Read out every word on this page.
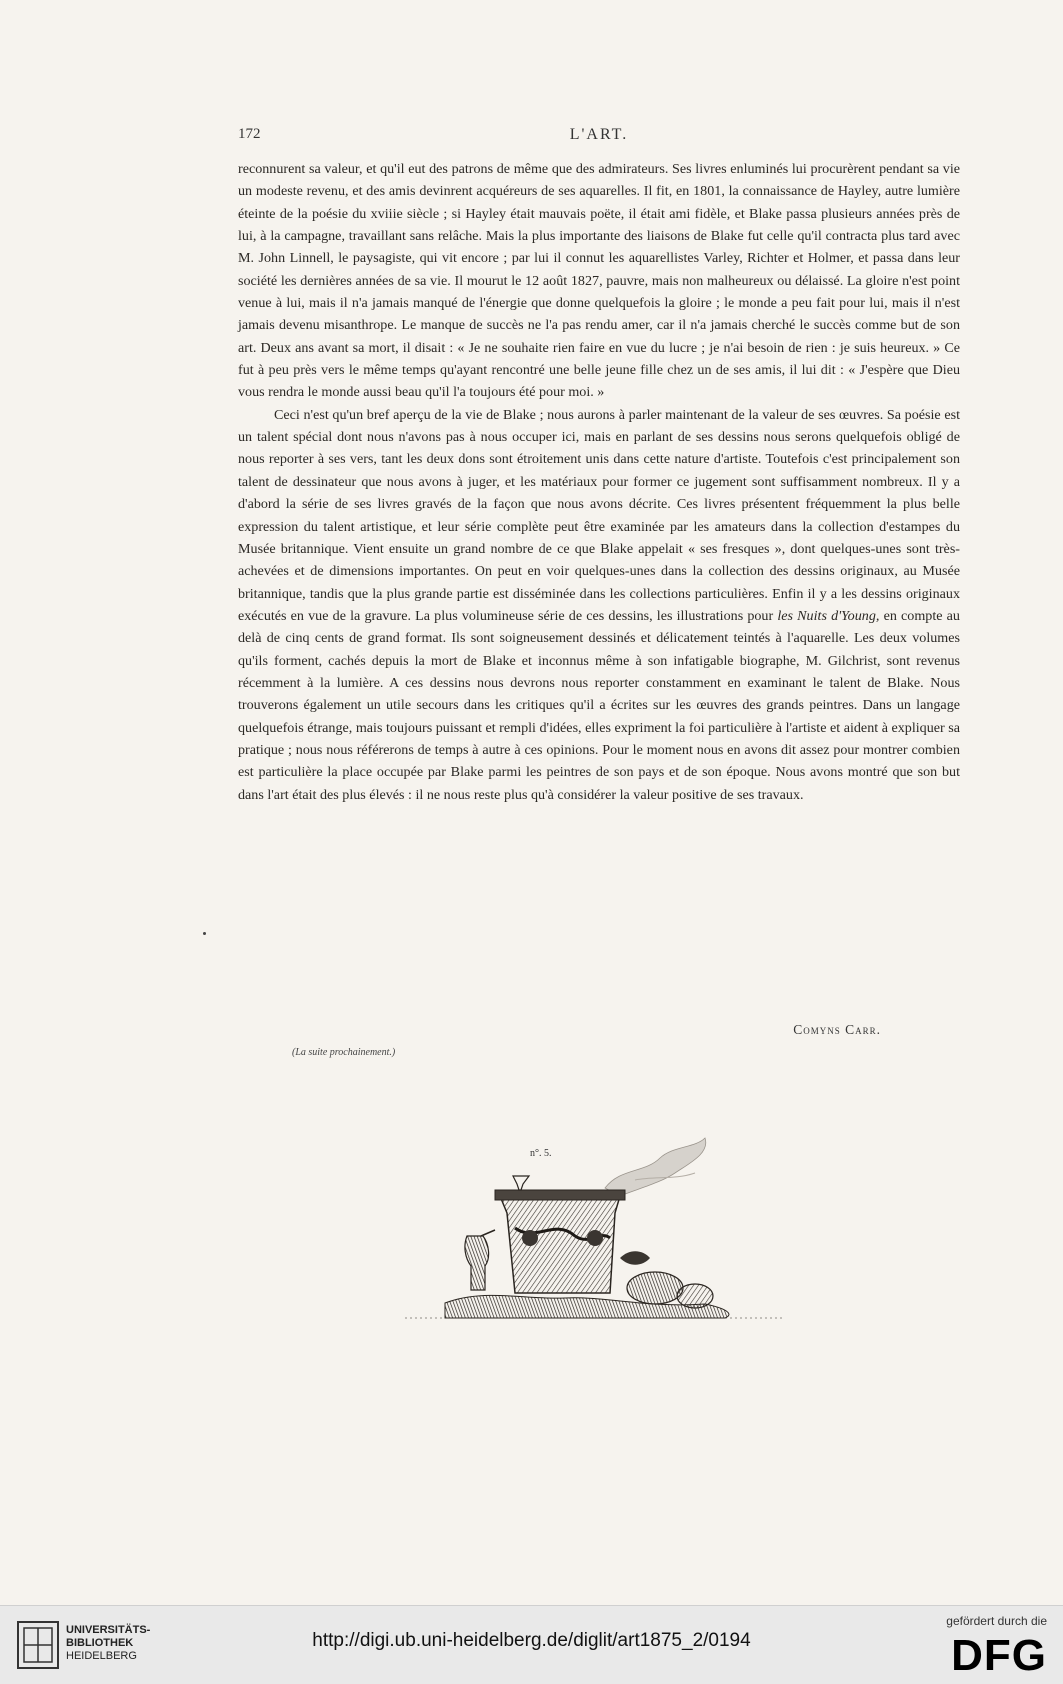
172	L'ART.

reconnurent sa valeur, et qu'il eut des patrons de même que des admirateurs. Ses livres enluminés lui procurèrent pendant sa vie un modeste revenu, et des amis devinrent acquéreurs de ses aquarelles. Il fit, en 1801, la connaissance de Hayley, autre lumière éteinte de la poésie du xviiie siècle ; si Hayley était mauvais poëte, il était ami fidèle, et Blake passa plusieurs années près de lui, à la campagne, travaillant sans relâche. Mais la plus importante des liaisons de Blake fut celle qu'il contracta plus tard avec M. John Linnell, le paysagiste, qui vit encore ; par lui il connut les aquarellistes Varley, Richter et Holmer, et passa dans leur société les dernières années de sa vie. Il mourut le 12 août 1827, pauvre, mais non malheureux ou délaissé. La gloire n'est point venue à lui, mais il n'a jamais manqué de l'énergie que donne quelquefois la gloire ; le monde a peu fait pour lui, mais il n'est jamais devenu misanthrope. Le manque de succès ne l'a pas rendu amer, car il n'a jamais cherché le succès comme but de son art. Deux ans avant sa mort, il disait : « Je ne souhaite rien faire en vue du lucre ; je n'ai besoin de rien : je suis heureux. » Ce fut à peu près vers le même temps qu'ayant rencontré une belle jeune fille chez un de ses amis, il lui dit : « J'espère que Dieu vous rendra le monde aussi beau qu'il l'a toujours été pour moi. »

Ceci n'est qu'un bref aperçu de la vie de Blake ; nous aurons à parler maintenant de la valeur de ses œuvres. Sa poésie est un talent spécial dont nous n'avons pas à nous occuper ici, mais en parlant de ses dessins nous serons quelquefois obligé de nous reporter à ses vers, tant les deux dons sont étroitement unis dans cette nature d'artiste. Toutefois c'est principalement son talent de dessinateur que nous avons à juger, et les matériaux pour former ce jugement sont suffisamment nombreux. Il y a d'abord la série de ses livres gravés de la façon que nous avons décrite. Ces livres présentent fréquemment la plus belle expression du talent artistique, et leur série complète peut être examinée par les amateurs dans la collection d'estampes du Musée britannique. Vient ensuite un grand nombre de ce que Blake appelait « ses fresques », dont quelques-unes sont très-achevées et de dimensions importantes. On peut en voir quelques-unes dans la collection des dessins originaux, au Musée britannique, tandis que la plus grande partie est disséminée dans les collections particulières. Enfin il y a les dessins originaux exécutés en vue de la gravure. La plus volumineuse série de ces dessins, les illustrations pour les Nuits d'Young, en compte au delà de cinq cents de grand format. Ils sont soigneusement dessinés et délicatement teintés à l'aquarelle. Les deux volumes qu'ils forment, cachés depuis la mort de Blake et inconnus même à son infatigable biographe, M. Gilchrist, sont revenus récemment à la lumière. A ces dessins nous devrons nous reporter constamment en examinant le talent de Blake. Nous trouverons également un utile secours dans les critiques qu'il a écrites sur les œuvres des grands peintres. Dans un langage quelquefois étrange, mais toujours puissant et rempli d'idées, elles expriment la foi particulière à l'artiste et aident à expliquer sa pratique ; nous nous référerons de temps à autre à ces opinions. Pour le moment nous en avons dit assez pour montrer combien est particulière la place occupée par Blake parmi les peintres de son pays et de son époque. Nous avons montré que son but dans l'art était des plus élevés : il ne nous reste plus qu'à considérer la valeur positive de ses travaux.

Comyns Carr.
(La suite prochainement.)
n°. 5.
UNIVERSITÄTS-
BIBLIOTHEK
HEIDELBERG
http://digi.ub.uni-heidelberg.de/diglit/art1875_2/0194
gefördert durch die
DFG
